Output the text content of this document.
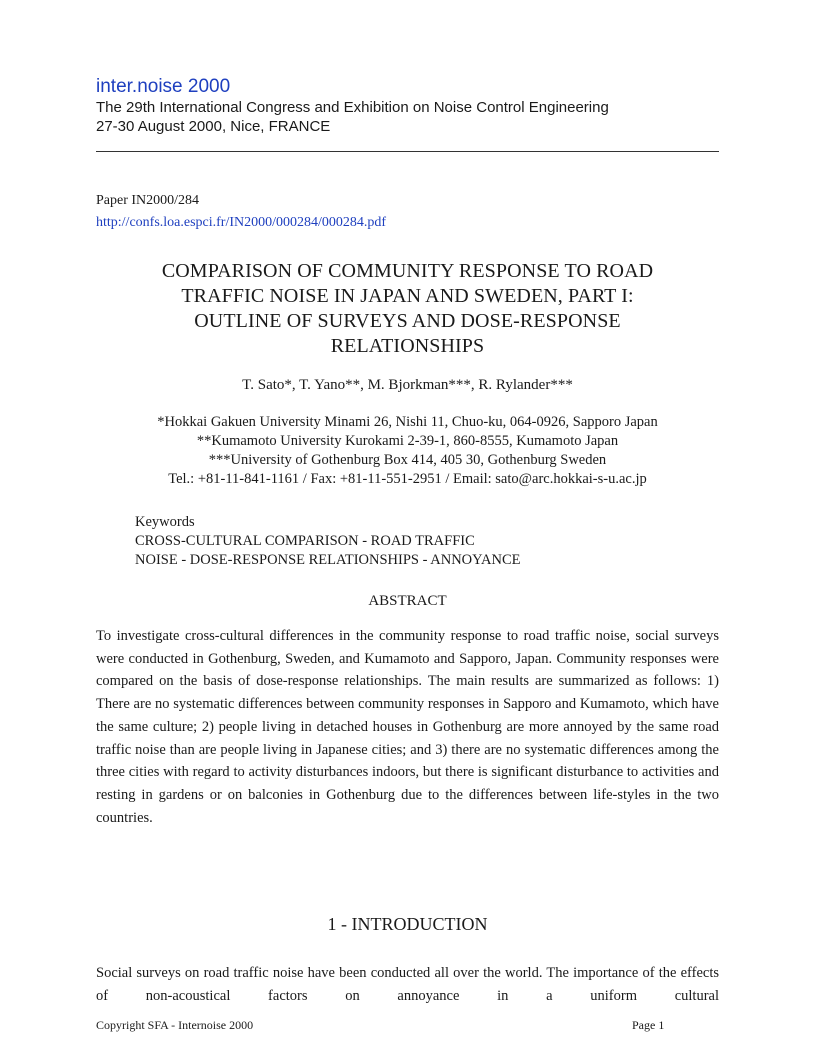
inter.noise 2000
The 29th International Congress and Exhibition on Noise Control Engineering
27-30 August 2000, Nice, FRANCE
Paper IN2000/284
http://confs.loa.espci.fr/IN2000/000284/000284.pdf
COMPARISON OF COMMUNITY RESPONSE TO ROAD
TRAFFIC NOISE IN JAPAN AND SWEDEN, PART I:
OUTLINE OF SURVEYS AND DOSE-RESPONSE
RELATIONSHIPS
T. Sato*, T. Yano**, M. Bjorkman***, R. Rylander***
*Hokkai Gakuen University Minami 26, Nishi 11, Chuo-ku, 064-0926, Sapporo Japan
**Kumamoto University Kurokami 2-39-1, 860-8555, Kumamoto Japan
***University of Gothenburg Box 414, 405 30, Gothenburg Sweden
Tel.: +81-11-841-1161 / Fax: +81-11-551-2951 / Email: sato@arc.hokkai-s-u.ac.jp
Keywords
CROSS-CULTURAL COMPARISON - ROAD TRAFFIC
NOISE - DOSE-RESPONSE RELATIONSHIPS - ANNOYANCE
ABSTRACT
To investigate cross-cultural differences in the community response to road traffic noise, social surveys were conducted in Gothenburg, Sweden, and Kumamoto and Sapporo, Japan. Community responses were compared on the basis of dose-response relationships. The main results are summarized as follows: 1) There are no systematic differences between community responses in Sapporo and Kumamoto, which have the same culture; 2) people living in detached houses in Gothenburg are more annoyed by the same road traffic noise than are people living in Japanese cities; and 3) there are no systematic differences among the three cities with regard to activity disturbances indoors, but there is significant disturbance to activities and resting in gardens or on balconies in Gothenburg due to the differences between life-styles in the two countries.
1 - INTRODUCTION
Social surveys on road traffic noise have been conducted all over the world. The importance of the effects of non-acoustical factors on annoyance in a uniform cultural
Copyright SFA - Internoise 2000	Page 1
